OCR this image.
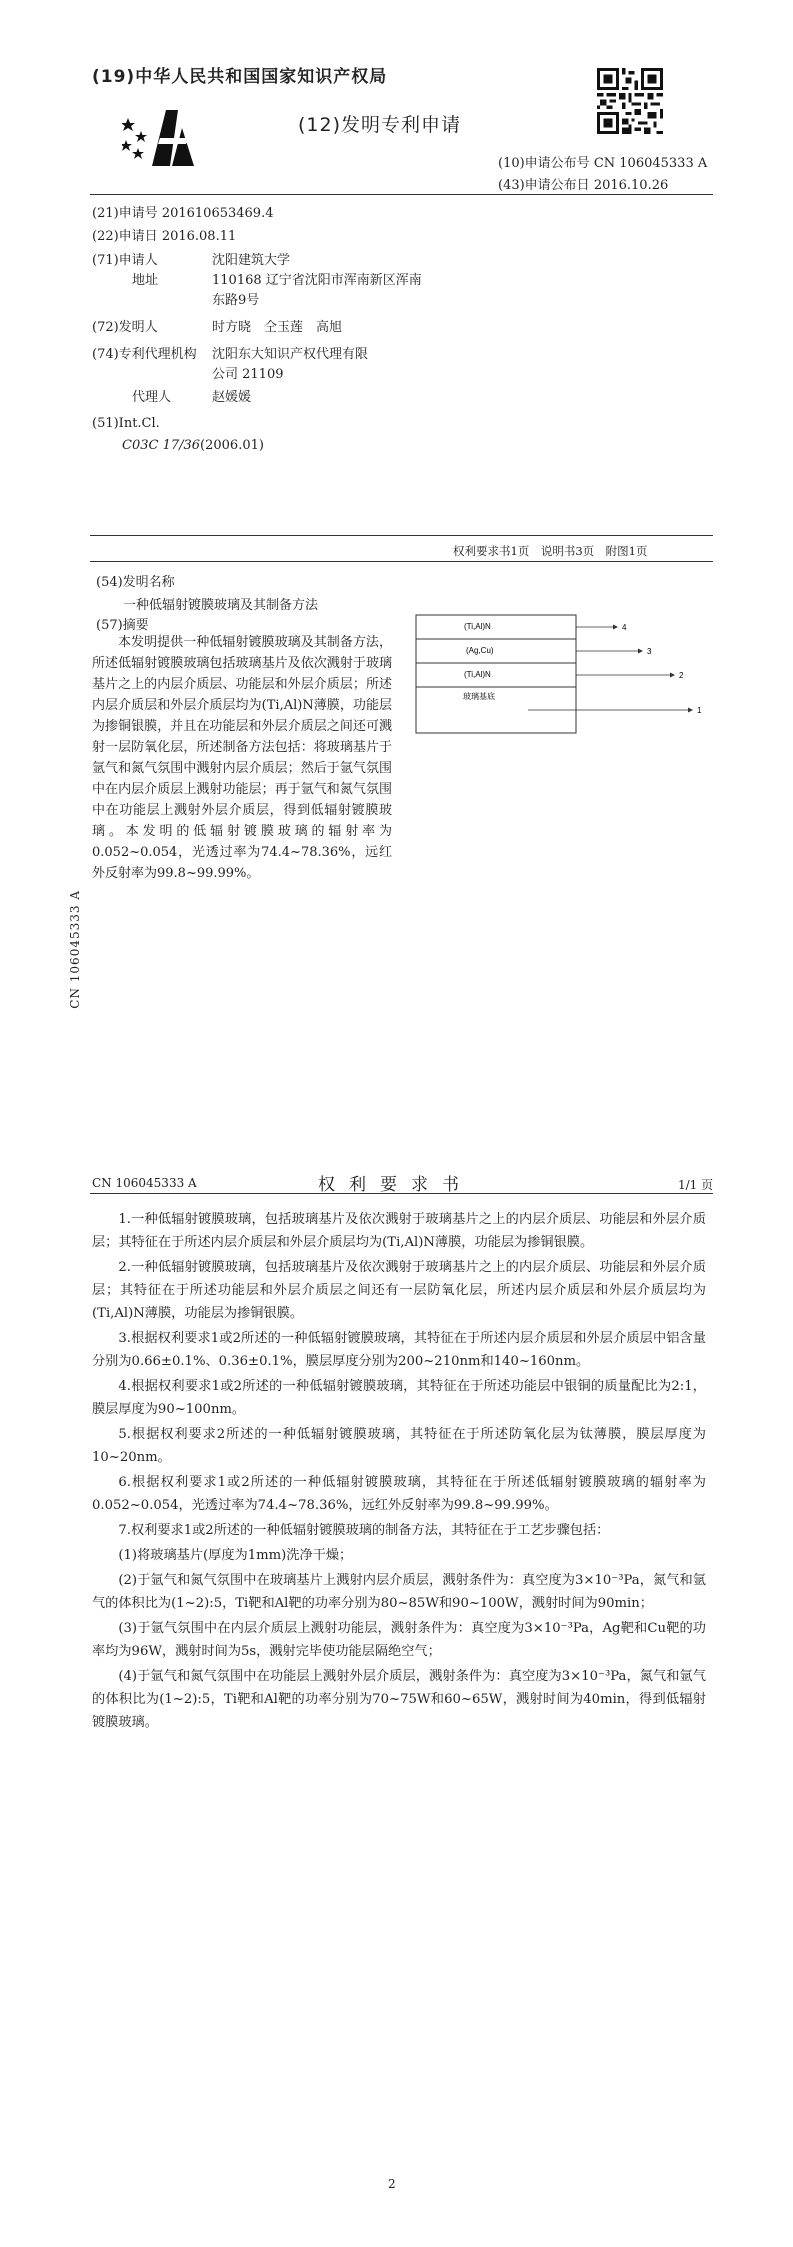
(19)中华人民共和国国家知识产权局
(12)发明专利申请
(10)申请公布号 CN 106045333 A
(43)申请公布日 2016.10.26
(21)申请号 201610653469.4
(22)申请日 2016.08.11
(71)申请人	沈阳建筑大学
地址	110168 辽宁省沈阳市浑南新区浑南
东路9号
(72)发明人	时方晓　仝玉莲　高旭
(74)专利代理机构 沈阳东大知识产权代理有限
公司 21109
代理人	赵媛媛
(51)Int.Cl.
C03C 17/36(2006.01)
权利要求书1页　说明书3页　附图1页
(54)发明名称
一种低辐射镀膜玻璃及其制备方法
(57)摘要
本发明提供一种低辐射镀膜玻璃及其制备方法，所述低辐射镀膜玻璃包括玻璃基片及依次溅射于玻璃基片之上的内层介质层、功能层和外层介质层；所述内层介质层和外层介质层均为(Ti,Al)N薄膜，功能层为掺铜银膜，并且在功能层和外层介质层之间还可溅射一层防氧化层，所述制备方法包括：将玻璃基片于氩气和氮气氛围中溅射内层介质层；然后于氩气氛围中在内层介质层上溅射功能层；再于氩气和氮气氛围中在功能层上溅射外层介质层，得到低辐射镀膜玻璃。本发明的低辐射镀膜玻璃的辐射率为0.052~0.054，光透过率为74.4~78.36%，远红外反射率为99.8~99.99%。
(Ti,Al)N
(Ag,Cu)
(Ti,Al)N
玻璃基底
4
3
2
1
CN 106045333 A
CN 106045333 A	权利要求书	1/1 页

1.一种低辐射镀膜玻璃，包括玻璃基片及依次溅射于玻璃基片之上的内层介质层、功能层和外层介质层；其特征在于所述内层介质层和外层介质层均为(Ti,Al)N薄膜，功能层为掺铜银膜。

2.一种低辐射镀膜玻璃，包括玻璃基片及依次溅射于玻璃基片之上的内层介质层、功能层和外层介质层；其特征在于所述功能层和外层介质层之间还有一层防氧化层，所述内层介质层和外层介质层均为(Ti,Al)N薄膜，功能层为掺铜银膜。

3.根据权利要求1或2所述的一种低辐射镀膜玻璃，其特征在于所述内层介质层和外层介质层中铝含量分别为0.66±0.1%、0.36±0.1%，膜层厚度分别为200~210nm和140~160nm。

4.根据权利要求1或2所述的一种低辐射镀膜玻璃，其特征在于所述功能层中银铜的质量配比为2:1，膜层厚度为90~100nm。

5.根据权利要求2所述的一种低辐射镀膜玻璃，其特征在于所述防氧化层为钛薄膜，膜层厚度为10~20nm。

6.根据权利要求1或2所述的一种低辐射镀膜玻璃，其特征在于所述低辐射镀膜玻璃的辐射率为0.052~0.054，光透过率为74.4~78.36%，远红外反射率为99.8~99.99%。

7.权利要求1或2所述的一种低辐射镀膜玻璃的制备方法，其特征在于工艺步骤包括：

(1)将玻璃基片(厚度为1mm)洗净干燥；

(2)于氩气和氮气氛围中在玻璃基片上溅射内层介质层，溅射条件为：真空度为3×10⁻³Pa，氮气和氩气的体积比为(1~2):5，Ti靶和Al靶的功率分别为80~85W和90~100W，溅射时间为90min；

(3)于氩气氛围中在内层介质层上溅射功能层，溅射条件为：真空度为3×10⁻³Pa，Ag靶和Cu靶的功率均为96W，溅射时间为5s，溅射完毕使功能层隔绝空气；

(4)于氩气和氮气氛围中在功能层上溅射外层介质层，溅射条件为：真空度为3×10⁻³Pa，氮气和氩气的体积比为(1~2):5，Ti靶和Al靶的功率分别为70~75W和60~65W，溅射时间为40min，得到低辐射镀膜玻璃。

2
